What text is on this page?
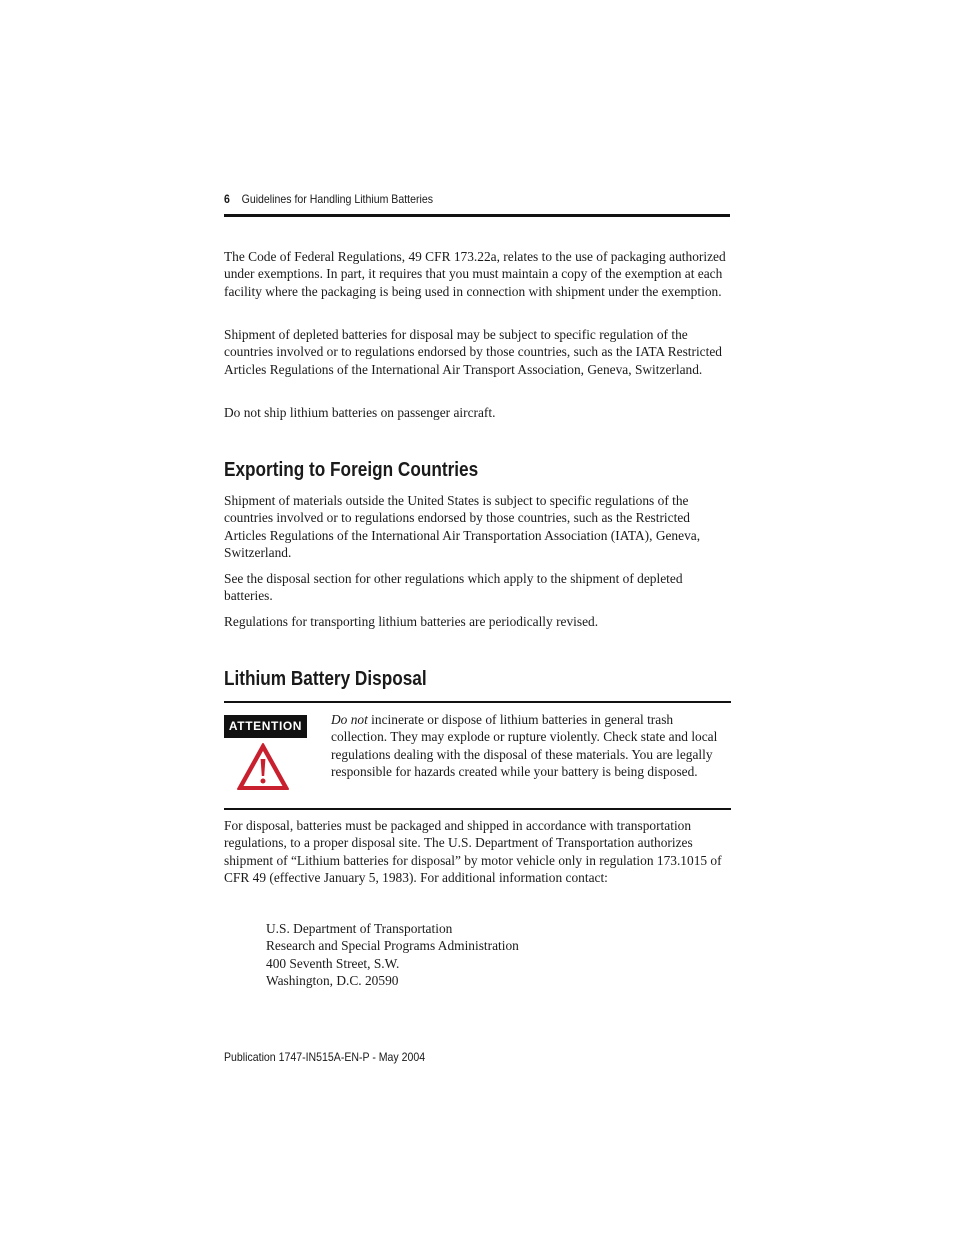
6 Guidelines for Handling Lithium Batteries

The Code of Federal Regulations, 49 CFR 173.22a, relates to the use of packaging authorized under exemptions. In part, it requires that you must maintain a copy of the exemption at each facility where the packaging is being used in connection with shipment under the exemption.

Shipment of depleted batteries for disposal may be subject to specific regulation of the countries involved or to regulations endorsed by those countries, such as the IATA Restricted Articles Regulations of the International Air Transport Association, Geneva, Switzerland.

Do not ship lithium batteries on passenger aircraft.

Exporting to Foreign Countries

Shipment of materials outside the United States is subject to specific regulations of the countries involved or to regulations endorsed by those countries, such as the Restricted Articles Regulations of the International Air Transportation Association (IATA), Geneva, Switzerland.

See the disposal section for other regulations which apply to the shipment of depleted batteries.

Regulations for transporting lithium batteries are periodically revised.

Lithium Battery Disposal
ATTENTION	Do not incinerate or dispose of lithium batteries in general trash collection. They may explode or rupture violently. Check state and local regulations dealing with the disposal of these materials. You are legally responsible for hazards created while your battery is being disposed.

For disposal, batteries must be packaged and shipped in accordance with transportation regulations, to a proper disposal site. The U.S. Department of Transportation authorizes shipment of “Lithium batteries for disposal” by motor vehicle only in regulation 173.1015 of CFR 49 (effective January 5, 1983). For additional information contact:

U.S. Department of Transportation
Research and Special Programs Administration
400 Seventh Street, S.W.
Washington, D.C. 20590
Publication 1747-IN515A-EN-P - May 2004
